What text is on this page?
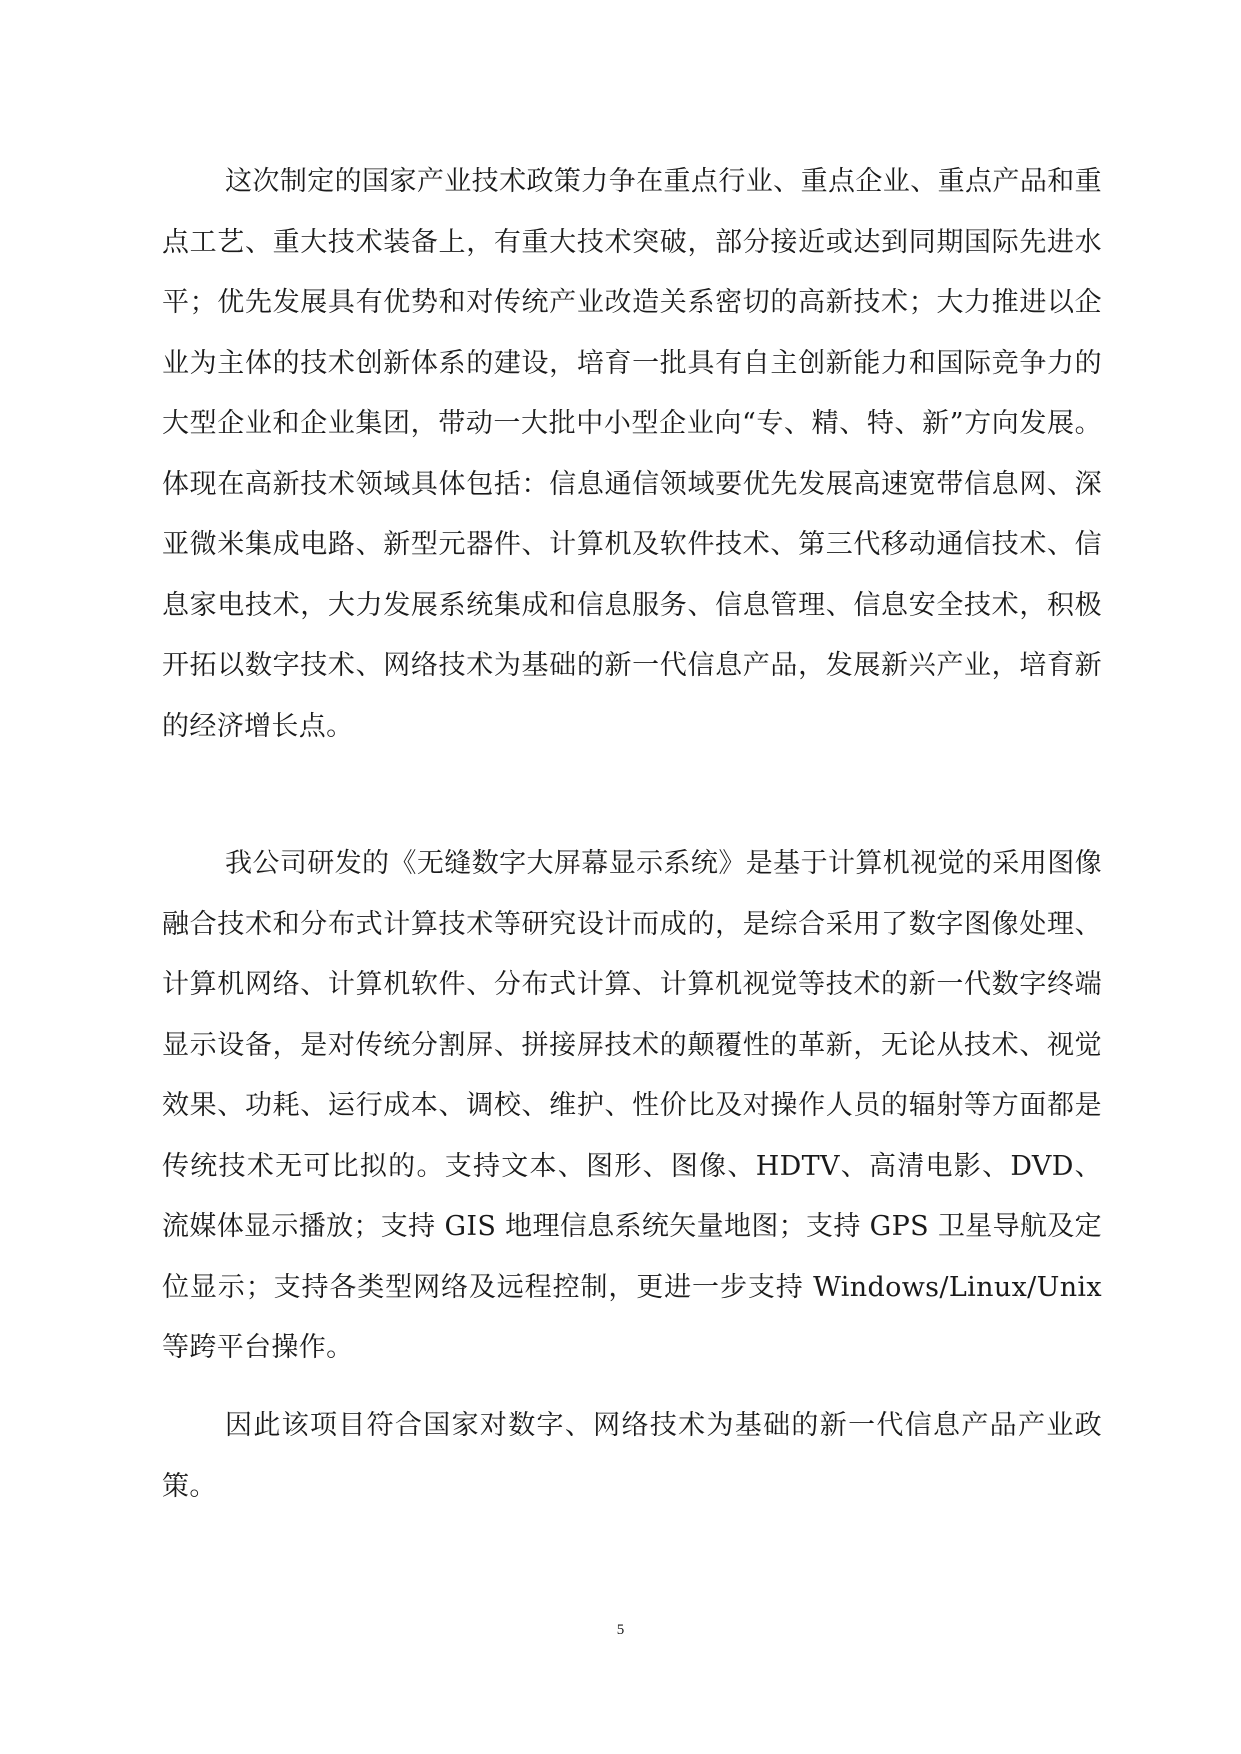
这次制定的国家产业技术政策力争在重点行业、重点企业、重点产品和重点工艺、重大技术装备上，有重大技术突破，部分接近或达到同期国际先进水平；优先发展具有优势和对传统产业改造关系密切的高新技术；大力推进以企业为主体的技术创新体系的建设，培育一批具有自主创新能力和国际竞争力的大型企业和企业集团，带动一大批中小型企业向“专、精、特、新”方向发展。体现在高新技术领域具体包括：信息通信领域要优先发展高速宽带信息网、深亚微米集成电路、新型元器件、计算机及软件技术、第三代移动通信技术、信息家电技术，大力发展系统集成和信息服务、信息管理、信息安全技术，积极开拓以数字技术、网络技术为基础的新一代信息产品，发展新兴产业，培育新的经济增长点。

我公司研发的《无缝数字大屏幕显示系统》是基于计算机视觉的采用图像融合技术和分布式计算技术等研究设计而成的，是综合采用了数字图像处理、计算机网络、计算机软件、分布式计算、计算机视觉等技术的新一代数字终端显示设备，是对传统分割屏、拼接屏技术的颠覆性的革新，无论从技术、视觉效果、功耗、运行成本、调校、维护、性价比及对操作人员的辐射等方面都是传统技术无可比拟的。支持文本、图形、图像、HDTV、高清电影、DVD、流媒体显示播放；支持 GIS 地理信息系统矢量地图；支持 GPS 卫星导航及定位显示；支持各类型网络及远程控制，更进一步支持 Windows/Linux/Unix 等跨平台操作。

因此该项目符合国家对数字、网络技术为基础的新一代信息产品产业政策。

5
